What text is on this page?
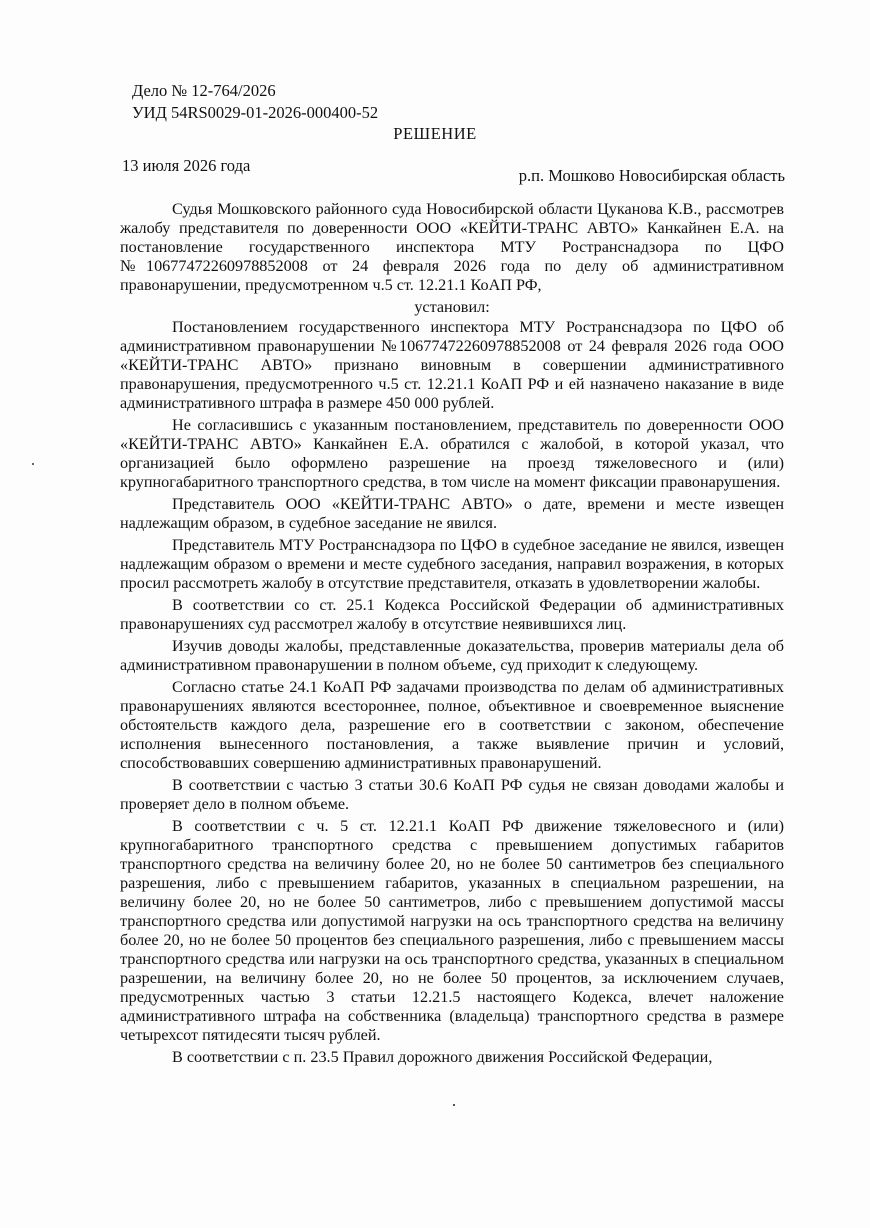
Дело № 12-764/2026
УИД 54RS0029-01-2026-000400-52
РЕШЕНИЕ
13 июля 2026 года
р.п. Мошково Новосибирская область

Судья Мошковского районного суда Новосибирской области Цуканова К.В., рассмотрев жалобу представителя по доверенности ООО «КЕЙТИ-ТРАНС АВТО» Канкайнен Е.А. на постановление государственного инспектора МТУ Ространснадзора по ЦФО №10677472260978852008 от 24 февраля 2026 года по делу об административном правонарушении, предусмотренном ч.5 ст. 12.21.1 КоАП РФ,

установил:

Постановлением государственного инспектора МТУ Ространснадзора по ЦФО об административном правонарушении №10677472260978852008 от 24 февраля 2026 года ООО «КЕЙТИ-ТРАНС АВТО» признано виновным в совершении административного правонарушения, предусмотренного ч.5 ст. 12.21.1 КоАП РФ и ей назначено наказание в виде административного штрафа в размере 450 000 рублей.

Не согласившись с указанным постановлением, представитель по доверенности ООО «КЕЙТИ-ТРАНС АВТО» Канкайнен Е.А. обратился с жалобой, в которой указал, что организацией было оформлено разрешение на проезд тяжеловесного и (или) крупногабаритного транспортного средства, в том числе на момент фиксации правонарушения.

Представитель ООО «КЕЙТИ-ТРАНС АВТО» о дате, времени и месте извещен надлежащим образом, в судебное заседание не явился.

Представитель МТУ Ространснадзора по ЦФО в судебное заседание не явился, извещен надлежащим образом о времени и месте судебного заседания, направил возражения, в которых просил рассмотреть жалобу в отсутствие представителя, отказать в удовлетворении жалобы.

В соответствии со ст. 25.1 Кодекса Российской Федерации об административных правонарушениях суд рассмотрел жалобу в отсутствие неявившихся лиц.

Изучив доводы жалобы, представленные доказательства, проверив материалы дела об административном правонарушении в полном объеме, суд приходит к следующему.

Согласно статье 24.1 КоАП РФ задачами производства по делам об административных правонарушениях являются всестороннее, полное, объективное и своевременное выяснение обстоятельств каждого дела, разрешение его в соответствии с законом, обеспечение исполнения вынесенного постановления, а также выявление причин и условий, способствовавших совершению административных правонарушений.

В соответствии с частью 3 статьи 30.6 КоАП РФ судья не связан доводами жалобы и проверяет дело в полном объеме.

В соответствии с ч. 5 ст. 12.21.1 КоАП РФ движение тяжеловесного и (или) крупногабаритного транспортного средства с превышением допустимых габаритов транспортного средства на величину более 20, но не более 50 сантиметров без специального разрешения, либо с превышением габаритов, указанных в специальном разрешении, на величину более 20, но не более 50 сантиметров, либо с превышением допустимой массы транспортного средства или допустимой нагрузки на ось транспортного средства на величину более 20, но не более 50 процентов без специального разрешения, либо с превышением массы транспортного средства или нагрузки на ось транспортного средства, указанных в специальном разрешении, на величину более 20, но не более 50 процентов, за исключением случаев, предусмотренных частью 3 статьи 12.21.5 настоящего Кодекса, влечет наложение административного штрафа на собственника (владельца) транспортного средства в размере четырехсот пятидесяти тысяч рублей.

В соответствии с п. 23.5 Правил дорожного движения Российской Федерации,
